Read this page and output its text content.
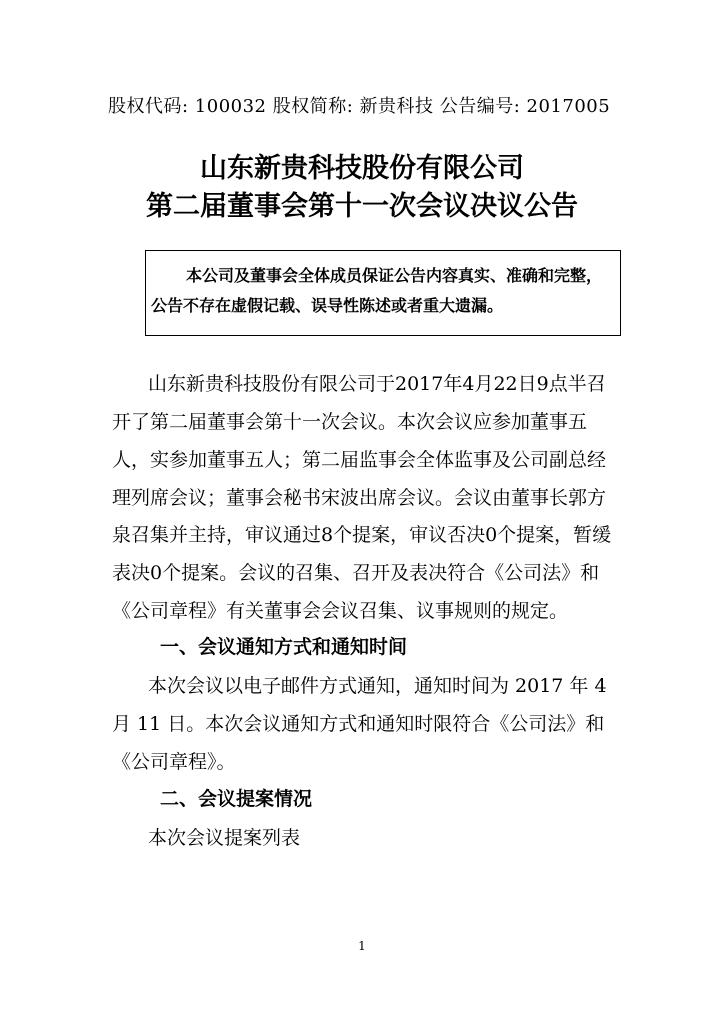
股权代码: 100032 股权简称: 新贵科技 公告编号: 2017005
山东新贵科技股份有限公司
第二届董事会第十一次会议决议公告
本公司及董事会全体成员保证公告内容真实、准确和完整，
公告不存在虚假记载、误导性陈述或者重大遗漏。
山东新贵科技股份有限公司于2017年4月22日9点半召
开了第二届董事会第十一次会议。本次会议应参加董事五
人，实参加董事五人；第二届监事会全体监事及公司副总经
理列席会议；董事会秘书宋波出席会议。会议由董事长郭方
泉召集并主持，审议通过8个提案，审议否决0个提案，暂缓
表决0个提案。会议的召集、召开及表决符合《公司法》和
《公司章程》有关董事会会议召集、议事规则的规定。
一、会议通知方式和通知时间
本次会议以电子邮件方式通知，通知时间为 2017 年 4
月 11 日。本次会议通知方式和通知时限符合《公司法》和
《公司章程》。
二、会议提案情况
本次会议提案列表
1
